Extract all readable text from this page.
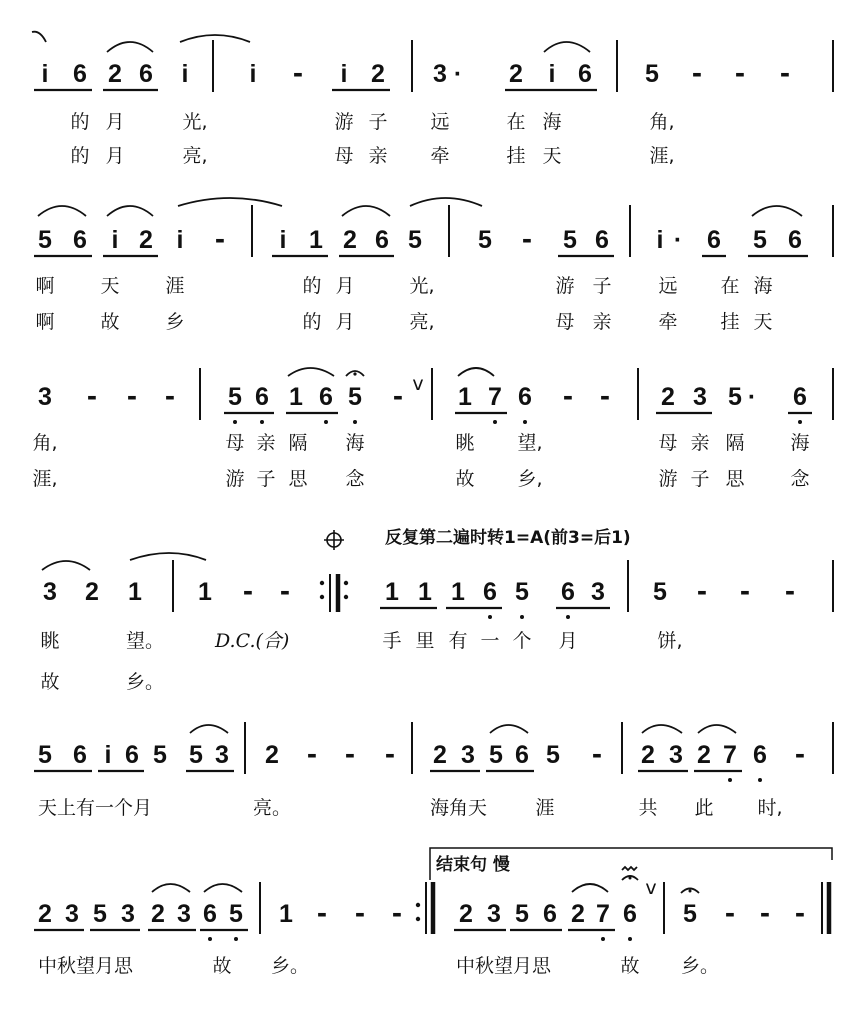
i 6 2 6 i i - i 2 3 · 2 i 6 5 - - -
的 月	光,	游 子 远	在 海	角,
的 月	亮,	母 亲 牵	挂 天	涯,
5 6 i 2 i - i 1 2 6 5 5 - 5 6 i · 6 5 6
啊 天 涯	的 月	光,	游 子 远 在 海
啊 故 乡	的 月	亮,	母 亲 牵 挂 天
3 - - - 5 6 1 6 5 - v 1 7 6 - - 2 3 5 · 6
角,	母 亲 隔 海	眺 望,	母 亲 隔 海
涯,	游 子 思 念	故 乡,	游 子 思 念
反复第二遍时转1=A(前3=后1)
3 2 1 1 - -	1 1 1 6 5 6 3 5 - - -
眺	望。	D.C.(合)	手 里 有 一 个 月	饼,
故	乡。
5 6 i 6 5 5 3 2 - - - 2 3 5 6 5 - 2 3 2 7 6 -
天上有一个月	亮。	海角天	涯	共 此 时,
结束句 慢
2 3 5 3 2 3 6 5 1 - - - 2 3 5 6 2 7 6
v
5 - - -
中秋望月思	故 乡。	中秋望月思	故 乡。
